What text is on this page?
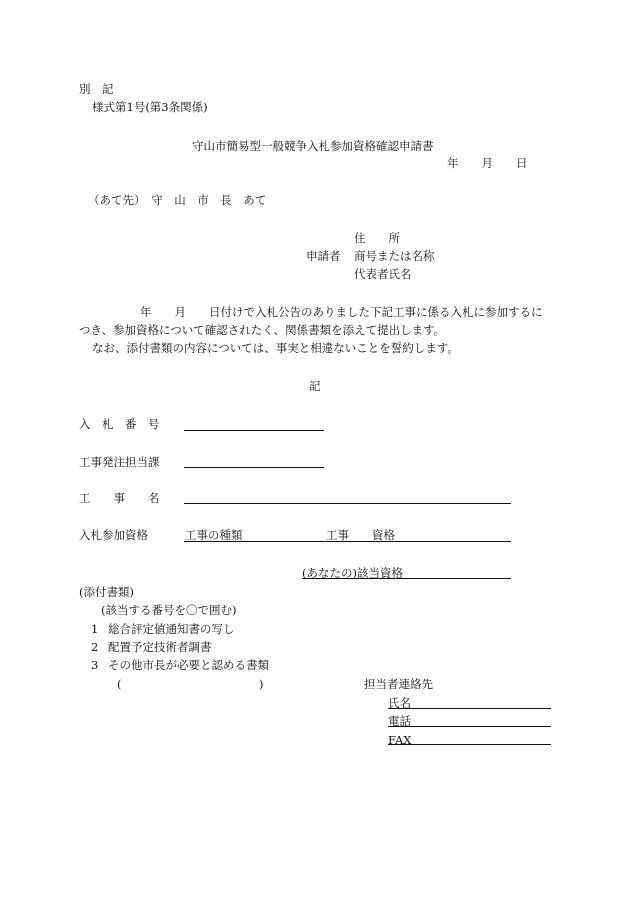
別　記
様式第1号(第3条関係)
守山市簡易型一般競争入札参加資格確認申請書
年　　月　　日
（あて先）　守　山　市　長　あて
住　　所
申請者 商号または名称
代表者氏名
年　　月　　日付けで入札公告のありました下記工事に係る入札に参加するに
つき、参加資格について確認されたく、関係書類を添えて提出します。
なお、添付書類の内容については、事実と相違ないことを誓約します。
記
入　札　番　号
工事発注担当課
工　　事　　名
入札参加資格	工事の種類	工事 資格
(あなたの)該当資格
(添付書類)
(該当する番号を〇で囲む)
1 総合評定値通知書の写し
2 配置予定技術者調書
3 その他市長が必要と認める書類
(	)	担当者連絡先
氏名
電話
FAX
